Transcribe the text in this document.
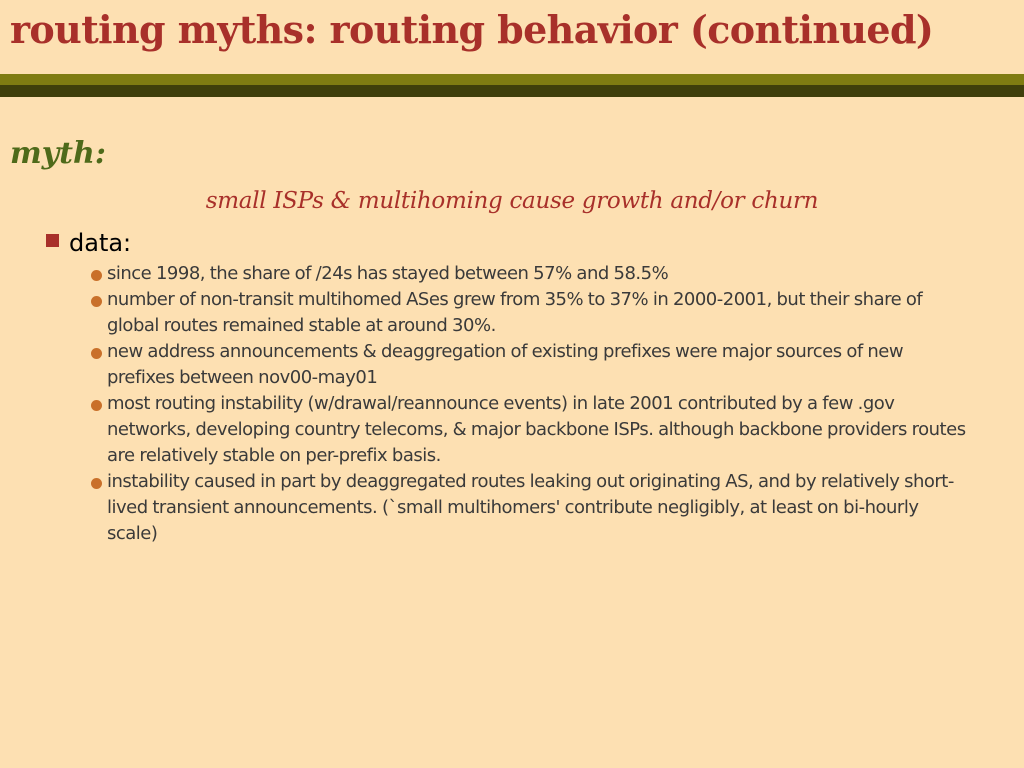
routing myths: routing behavior (continued)
myth:
small ISPs & multihoming cause growth and/or churn
data:
since 1998, the share of /24s has stayed between 57% and 58.5%
number of non-transit multihomed ASes grew from 35% to 37% in 2000-2001, but their share of global routes remained stable at around 30%.
new address announcements & deaggregation of existing prefixes were major sources of new prefixes between nov00-may01
most routing instability (w/drawal/reannounce events) in late 2001 contributed by a few .gov networks, developing country telecoms, & major backbone ISPs. although backbone providers routes are relatively stable on per-prefix basis.
instability caused in part by deaggregated routes leaking out originating AS, and by relatively short-lived transient announcements. (`small multihomers' contribute negligibly, at least on bi-hourly scale)
